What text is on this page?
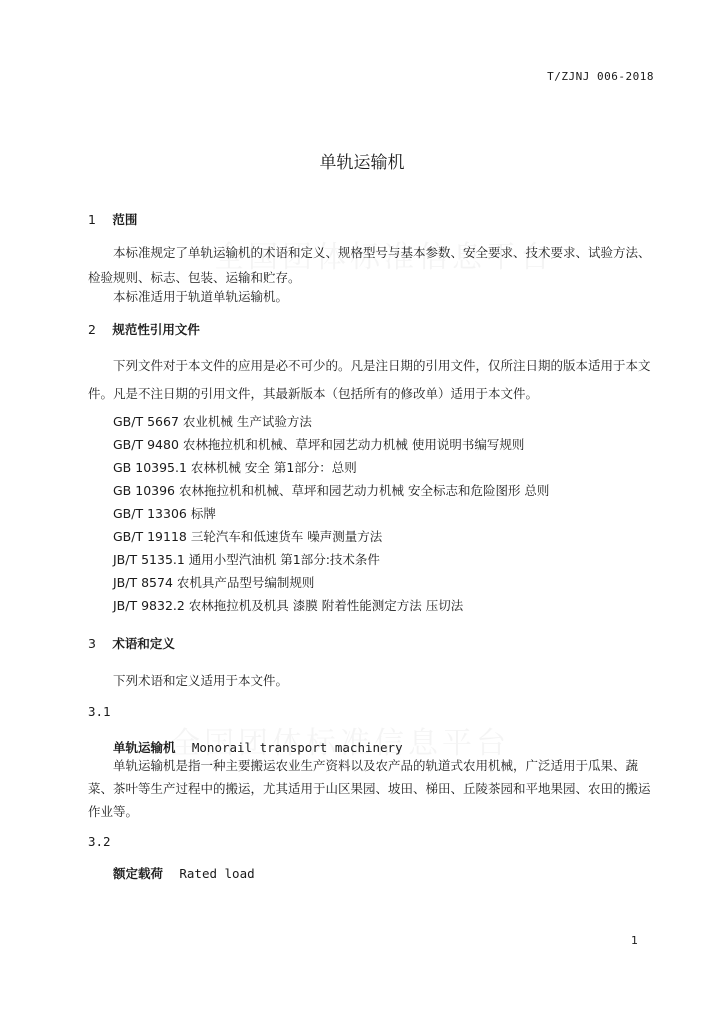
T/ZJNJ 006-2018
单轨运输机
1 范围
本标准规定了单轨运输机的术语和定义、规格型号与基本参数、安全要求、技术要求、试验方法、检验规则、标志、包装、运输和贮存。
本标准适用于轨道单轨运输机。
2 规范性引用文件
下列文件对于本文件的应用是必不可少的。凡是注日期的引用文件，仅所注日期的版本适用于本文件。凡是不注日期的引用文件，其最新版本（包括所有的修改单）适用于本文件。
GB/T 5667 农业机械 生产试验方法
GB/T 9480 农林拖拉机和机械、草坪和园艺动力机械 使用说明书编写规则
GB 10395.1 农林机械 安全 第1部分：总则
GB 10396 农林拖拉机和机械、草坪和园艺动力机械 安全标志和危险图形 总则
GB/T 13306 标牌
GB/T 19118 三轮汽车和低速货车 噪声测量方法
JB/T 5135.1 通用小型汽油机 第1部分:技术条件
JB/T 8574 农机具产品型号编制规则
JB/T 9832.2 农林拖拉机及机具 漆膜 附着性能测定方法 压切法
3 术语和定义
下列术语和定义适用于本文件。
3.1
单轨运输机 Monorail transport machinery
单轨运输机是指一种主要搬运农业生产资料以及农产品的轨道式农用机械，广泛适用于瓜果、蔬菜、茶叶等生产过程中的搬运，尤其适用于山区果园、坡田、梯田、丘陵茶园和平地果园、农田的搬运作业等。
3.2
额定载荷 Rated load
1
